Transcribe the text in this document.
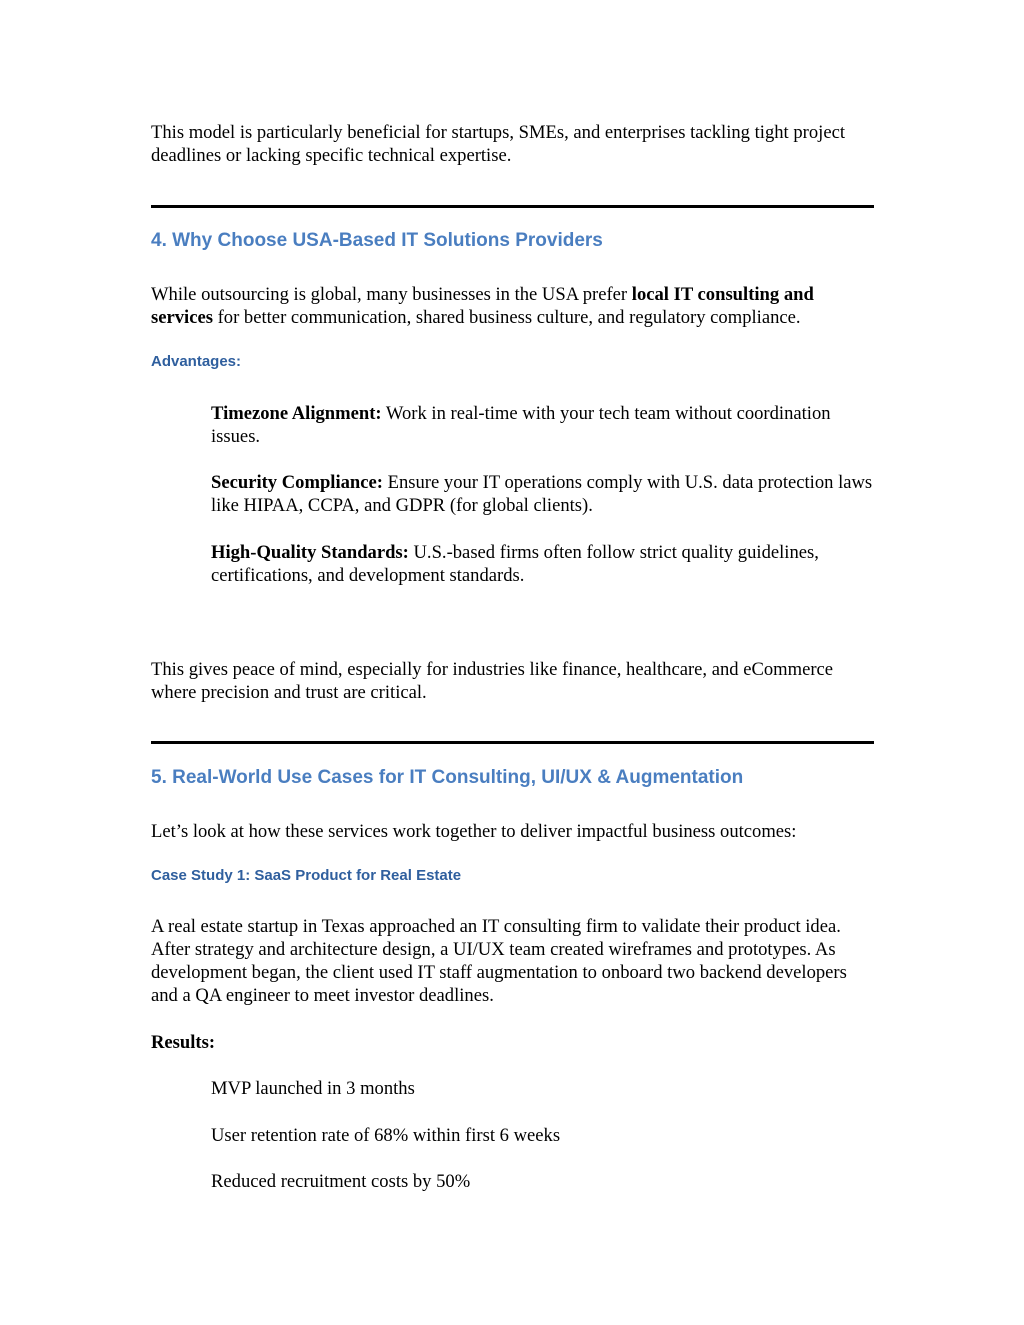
This model is particularly beneficial for startups, SMEs, and enterprises tackling tight project deadlines or lacking specific technical expertise.

4. Why Choose USA-Based IT Solutions Providers

While outsourcing is global, many businesses in the USA prefer local IT consulting and services for better communication, shared business culture, and regulatory compliance.

Advantages:

Timezone Alignment: Work in real-time with your tech team without coordination issues.

Security Compliance: Ensure your IT operations comply with U.S. data protection laws like HIPAA, CCPA, and GDPR (for global clients).

High-Quality Standards: U.S.-based firms often follow strict quality guidelines, certifications, and development standards.

This gives peace of mind, especially for industries like finance, healthcare, and eCommerce where precision and trust are critical.

5. Real-World Use Cases for IT Consulting, UI/UX & Augmentation

Let’s look at how these services work together to deliver impactful business outcomes:

Case Study 1: SaaS Product for Real Estate

A real estate startup in Texas approached an IT consulting firm to validate their product idea. After strategy and architecture design, a UI/UX team created wireframes and prototypes. As development began, the client used IT staff augmentation to onboard two backend developers and a QA engineer to meet investor deadlines.

Results:

MVP launched in 3 months

User retention rate of 68% within first 6 weeks

Reduced recruitment costs by 50%
